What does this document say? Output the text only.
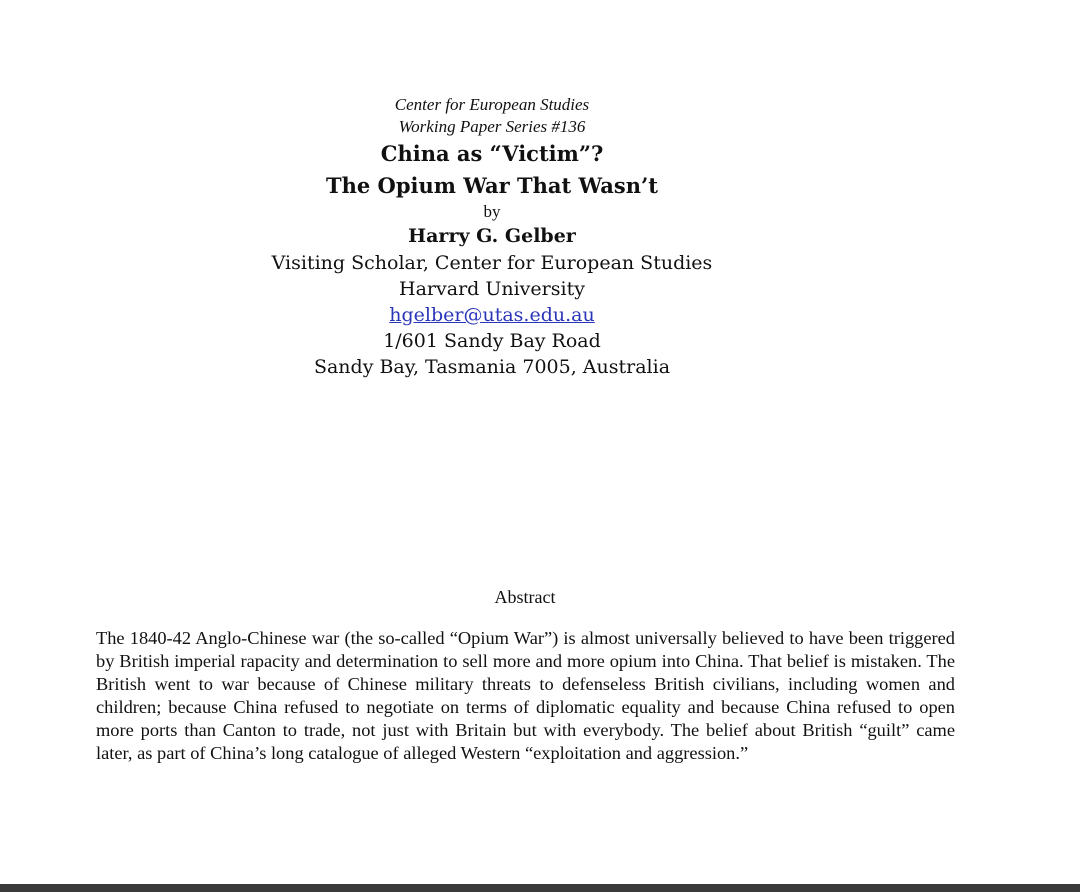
Center for European Studies
Working Paper Series #136
China as “Victim”?
The Opium War That Wasn’t
by
Harry G. Gelber
Visiting Scholar, Center for European Studies
Harvard University
hgelber@utas.edu.au
1/601 Sandy Bay Road
Sandy Bay, Tasmania 7005, Australia
Abstract

The 1840-42 Anglo-Chinese war (the so-called “Opium War”) is almost universally believed to have been triggered by British imperial rapacity and determination to sell more and more opium into China. That belief is mistaken. The British went to war because of Chinese military threats to defenseless British civilians, including women and children; because China refused to negotiate on terms of diplomatic equality and because China refused to open more ports than Canton to trade, not just with Britain but with everybody. The belief about British “guilt” came later, as part of China’s long catalogue of alleged Western “exploitation and aggression.”
